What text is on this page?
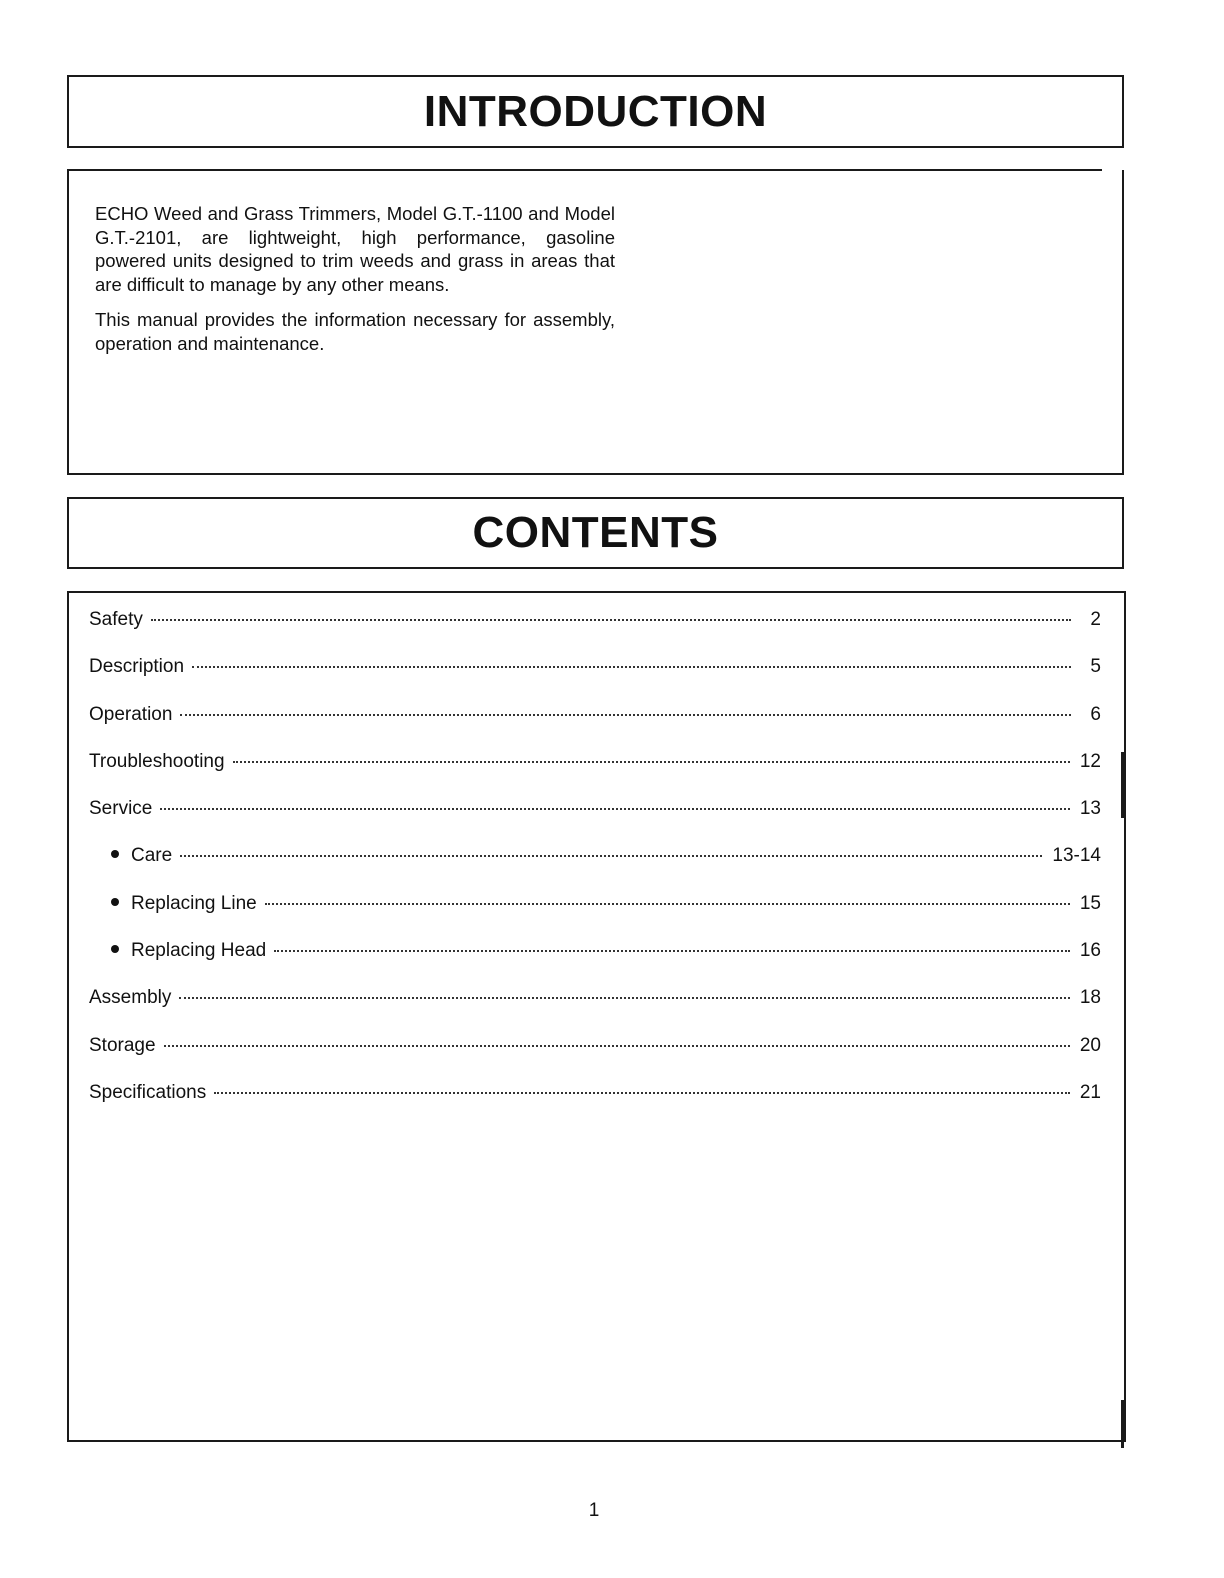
INTRODUCTION

ECHO Weed and Grass Trimmers, Model G.T.-1100 and Model G.T.-2101, are lightweight, high performance, gasoline powered units designed to trim weeds and grass in areas that are difficult to manage by any other means.

This manual provides the information necessary for assembly, operation and maintenance.

CONTENTS
Safety	2
Description	5
Operation	6
Troubleshooting	12
Service	13
Care	13-14
Replacing Line	15
Replacing Head	16
Assembly	18
Storage	20
Specifications	21
1
